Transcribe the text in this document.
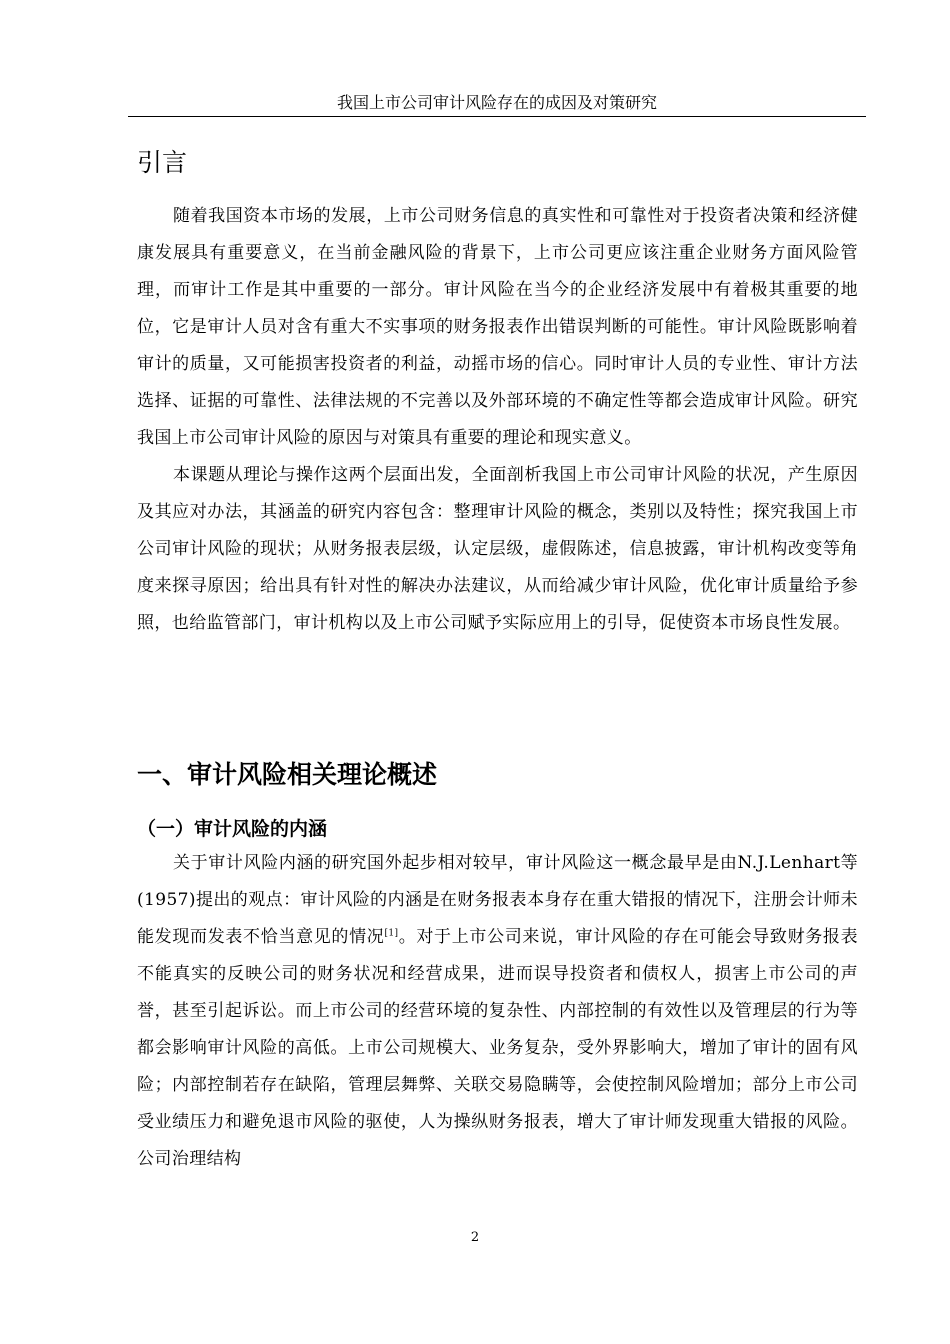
我国上市公司审计风险存在的成因及对策研究
引言

随着我国资本市场的发展，上市公司财务信息的真实性和可靠性对于投资者决策和经济健康发展具有重要意义，在当前金融风险的背景下，上市公司更应该注重企业财务方面风险管理，而审计工作是其中重要的一部分。审计风险在当今的企业经济发展中有着极其重要的地位，它是审计人员对含有重大不实事项的财务报表作出错误判断的可能性。审计风险既影响着审计的质量，又可能损害投资者的利益，动摇市场的信心。同时审计人员的专业性、审计方法选择、证据的可靠性、法律法规的不完善以及外部环境的不确定性等都会造成审计风险。研究我国上市公司审计风险的原因与对策具有重要的理论和现实意义。

本课题从理论与操作这两个层面出发，全面剖析我国上市公司审计风险的状况，产生原因及其应对办法，其涵盖的研究内容包含：整理审计风险的概念，类别以及特性；探究我国上市公司审计风险的现状；从财务报表层级，认定层级，虚假陈述，信息披露，审计机构改变等角度来探寻原因；给出具有针对性的解决办法建议，从而给减少审计风险，优化审计质量给予参照，也给监管部门，审计机构以及上市公司赋予实际应用上的引导，促使资本市场良性发展。

一、审计风险相关理论概述
（一）审计风险的内涵

关于审计风险内涵的研究国外起步相对较早，审计风险这一概念最早是由N.J.Lenhart等(1957)提出的观点：审计风险的内涵是在财务报表本身存在重大错报的情况下，注册会计师未能发现而发表不恰当意见的情况[1]。对于上市公司来说，审计风险的存在可能会导致财务报表不能真实的反映公司的财务状况和经营成果，进而误导投资者和债权人，损害上市公司的声誉，甚至引起诉讼。而上市公司的经营环境的复杂性、内部控制的有效性以及管理层的行为等都会影响审计风险的高低。上市公司规模大、业务复杂，受外界影响大，增加了审计的固有风险；内部控制若存在缺陷，管理层舞弊、关联交易隐瞒等，会使控制风险增加；部分上市公司受业绩压力和避免退市风险的驱使，人为操纵财务报表，增大了审计师发现重大错报的风险。公司治理结构

2
